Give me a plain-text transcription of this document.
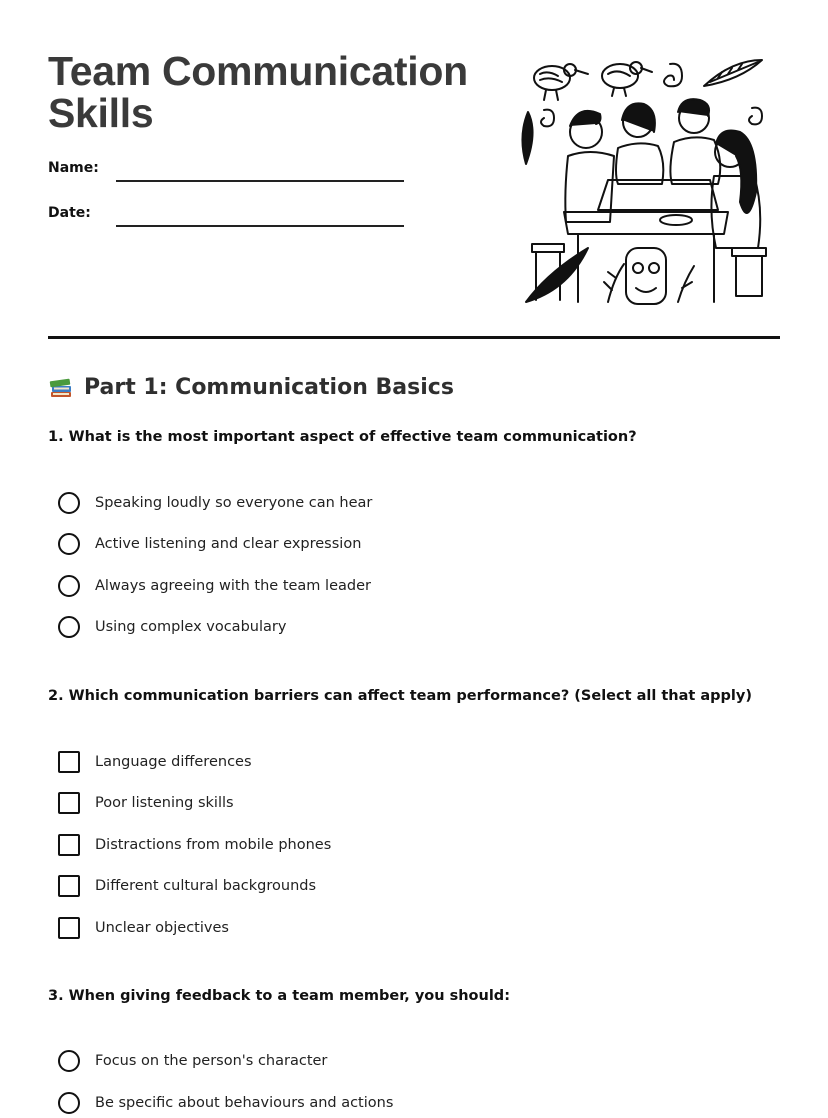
Team Communication
Skills
Name:
Date:
Part 1: Communication Basics
1. What is the most important aspect of effective team communication?
Speaking loudly so everyone can hear
Active listening and clear expression
Always agreeing with the team leader
Using complex vocabulary
2. Which communication barriers can affect team performance? (Select all that apply)
Language differences
Poor listening skills
Distractions from mobile phones
Different cultural backgrounds
Unclear objectives
3. When giving feedback to a team member, you should:
Focus on the person's character
Be specific about behaviours and actions
